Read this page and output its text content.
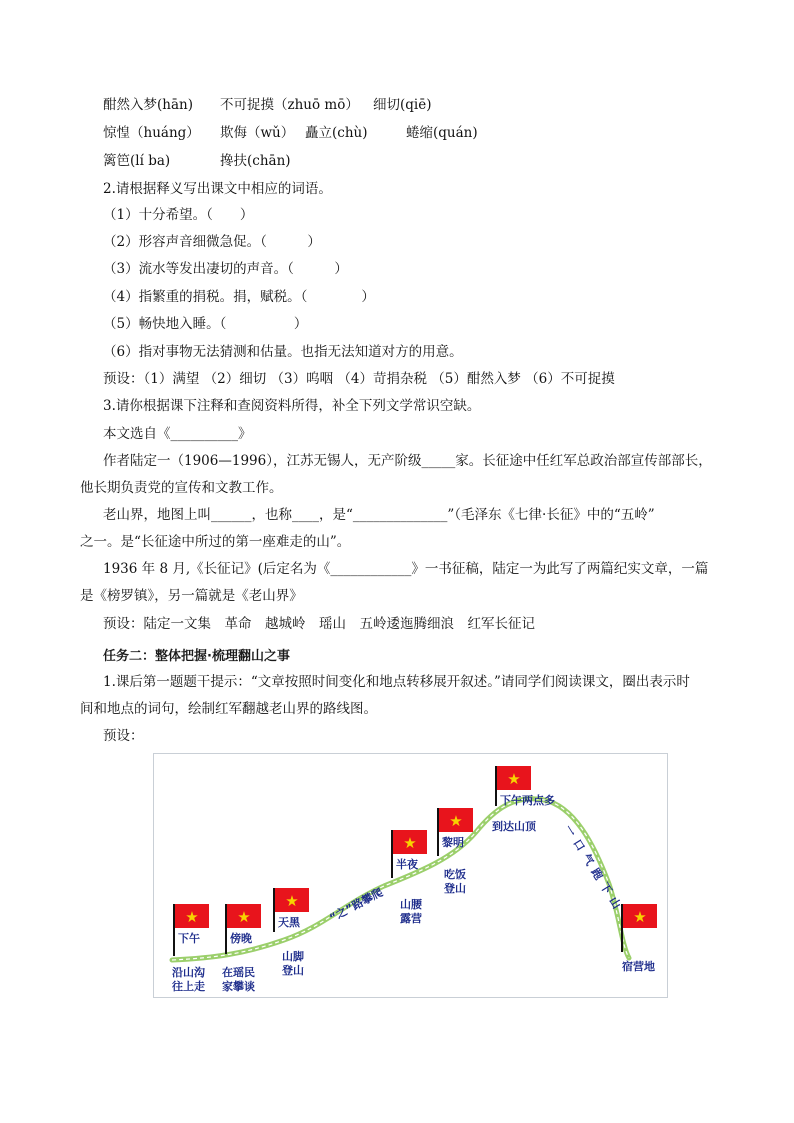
酣然入梦(hān) 不可捉摸（zhuō mō） 细切(qiē)
惊惶（huáng） 欺侮（wǔ） 矗立(chù)	蜷缩(quán)
篱笆(lí ba)	搀扶(chān)
2.请根据释义写出课文中相应的词语。
（1）十分希望。（　　）
（2）形容声音细微急促。（　　　）
（3）流水等发出凄切的声音。（　　　）
（4）指繁重的捐税。捐，赋税。（　　　　）
（5）畅快地入睡。（　　　　　）
（6）指对事物无法猜测和估量。也指无法知道对方的用意。
预设：（1）满望 （2）细切 （3）呜咽 （4）苛捐杂税 （5）酣然入梦 （6）不可捉摸
3.请你根据课下注释和查阅资料所得，补全下列文学常识空缺。
本文选自《__________》
作者陆定一（1906—1996），江苏无锡人，无产阶级_____家。长征途中任红军总政治部宣传部部长，
他长期负责党的宣传和文教工作。
老山界，地图上叫______，也称____，是“______________”（毛泽东《七律·长征》中的“五岭”
之一。是“长征途中所过的第一座难走的山”。
1936 年 8 月,《长征记》(后定名为《____________》一书征稿，陆定一为此写了两篇纪实文章，一篇
是《榜罗镇》，另一篇就是《老山界》
预设：陆定一文集　革命　越城岭　瑶山　五岭逶迤腾细浪　红军长征记
任务二：整体把握·梳理翻山之事
1.课后第一题题干提示：“文章按照时间变化和地点转移展开叙述。”请同学们阅读课文，圈出表示时
间和地点的词句，绘制红军翻越老山界的路线图。
预设：
★
下午
★
傍晚
★
天黑
★
半夜
★
黎明
★
下午两点多
★
沿山沟
往上走
在瑶民
家攀谈
山脚
登山
山腰
露营
吃饭
登山
到达山顶
宿营地
“之”路攀爬	一口气跑下山
